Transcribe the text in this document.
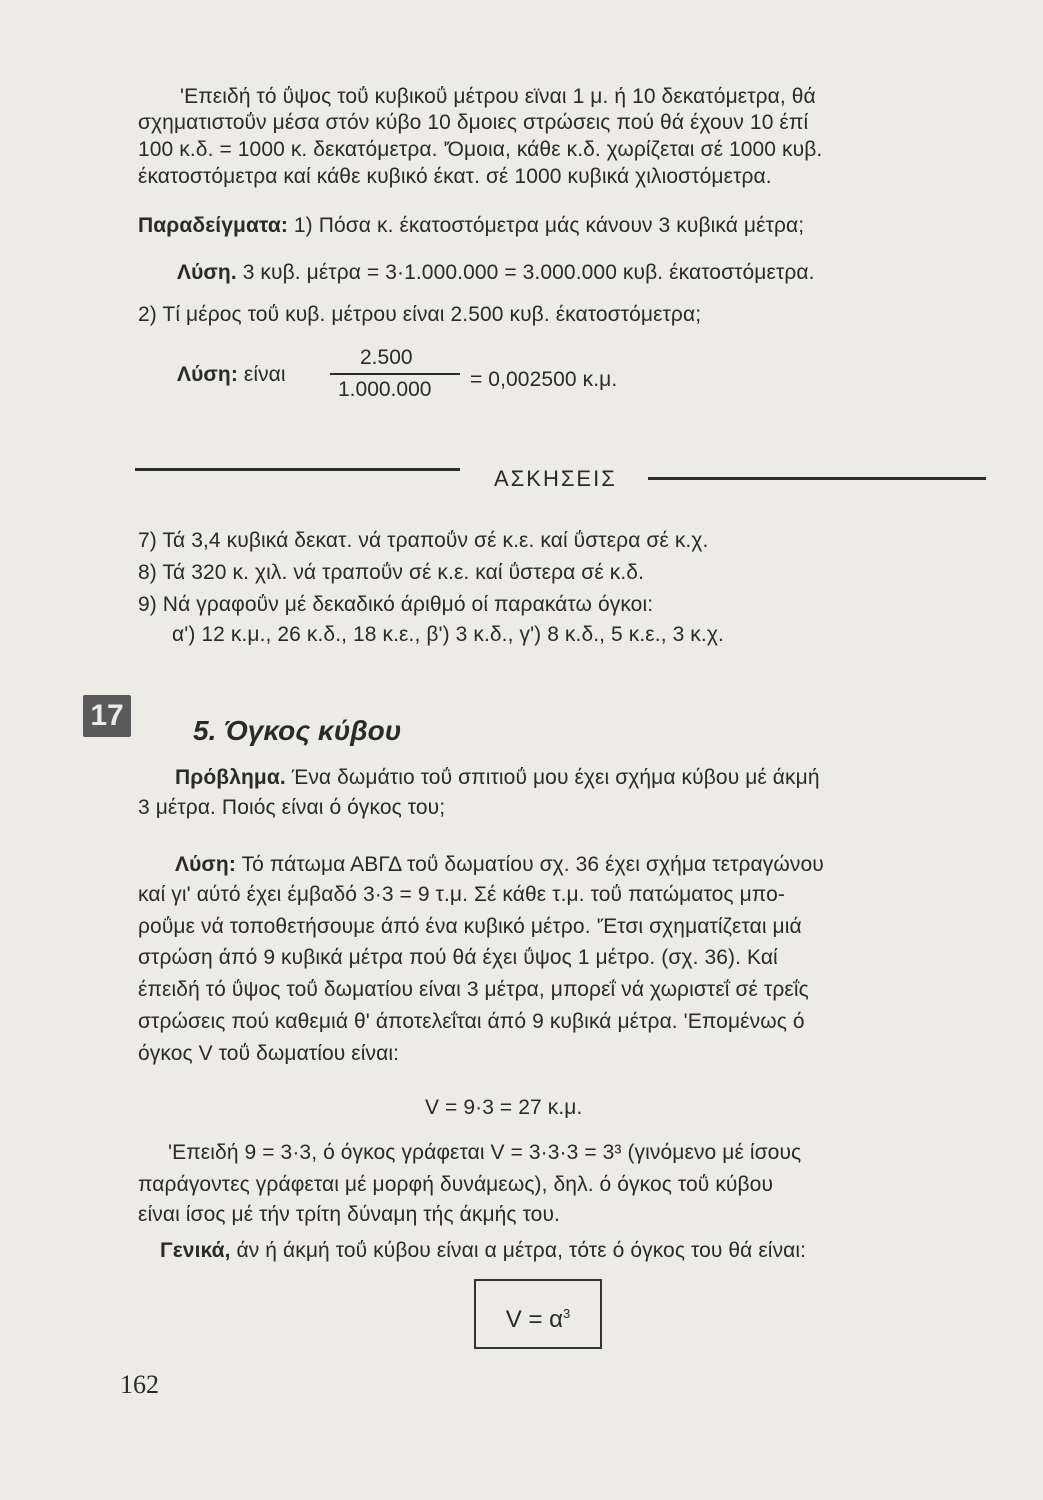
'Επειδή τό ΰψος τοΰ κυβικοΰ μέτρου εϊναι 1 μ. ή 10 δεκατόμετρα, θά
σχηματιστοΰν μέσα στόν κύβο 10 δμοιες στρώσεις πού θά έχουν 10 έπί
100 κ.δ. = 1000 κ. δεκατόμετρα. 'Όμοια, κάθε κ.δ. χωρίζεται σέ 1000 κυβ.
έκατοστόμετρα καί κάθε κυβικό έκατ. σέ 1000 κυβικά χιλιοστόμετρα.
Παραδείγματα: 1) Πόσα κ. έκατοστόμετρα μάς κάνουν 3 κυβικά μέτρα;
Λύση. 3 κυβ. μέτρα = 3·1.000.000 = 3.000.000 κυβ. έκατοστόμετρα.
2) Τί μέρος τοΰ κυβ. μέτρου είναι 2.500 κυβ. έκατοστόμετρα;
Λύση: είναι
2.500
1.000.000 = 0,002500 κ.μ.
ΑΣΚΗΣΕΙΣ
7) Τά 3,4 κυβικά δεκατ. νά τραποΰν σέ κ.ε. καί ΰστερα σέ κ.χ.
8) Τά 320 κ. χιλ. νά τραποΰν σέ κ.ε. καί ΰστερα σέ κ.δ.
9) Νά γραφοΰν μέ δεκαδικό άριθμό οί παρακάτω όγκοι:
α') 12 κ.μ., 26 κ.δ., 18 κ.ε., β') 3 κ.δ., γ') 8 κ.δ., 5 κ.ε., 3 κ.χ.
17 5. Όγκος κύβου
Πρόβλημα. Ένα δωμάτιο τοΰ σπιτιοΰ μου έχει σχήμα κύβου μέ άκμή
3 μέτρα. Ποιός είναι ό όγκος του;
Λύση: Τό πάτωμα ΑΒΓΔ τοΰ δωματίου σχ. 36 έχει σχήμα τετραγώνου
καί γι' αύτό έχει έμβαδό 3·3 = 9 τ.μ. Σέ κάθε τ.μ. τοΰ πατώματος μπο-
ροΰμε νά τοποθετήσουμε άπό ένα κυβικό μέτρο. 'Έτσι σχηματίζεται μιά
στρώση άπό 9 κυβικά μέτρα πού θά έχει ΰψος 1 μέτρο. (σχ. 36). Καί
έπειδή τό ΰψος τοΰ δωματίου είναι 3 μέτρα, μπορεΐ νά χωριστεΐ σέ τρεΐς
στρώσεις πού καθεμιά θ' άποτελεΐται άπό 9 κυβικά μέτρα. 'Επομένως ό
όγκος V τοΰ δωματίου είναι:
V = 9·3 = 27 κ.μ.
'Επειδή 9 = 3·3, ό όγκος γράφεται V = 3·3·3 = 3³ (γινόμενο μέ ίσους
παράγοντες γράφεται μέ μορφή δυνάμεως), δηλ. ό όγκος τοΰ κύβου
είναι ίσος μέ τήν τρίτη δύναμη τής άκμής του.
Γενικά, άν ή άκμή τοΰ κύβου είναι α μέτρα, τότε ό όγκος του θά είναι:
$V = \alpha^3$
162
